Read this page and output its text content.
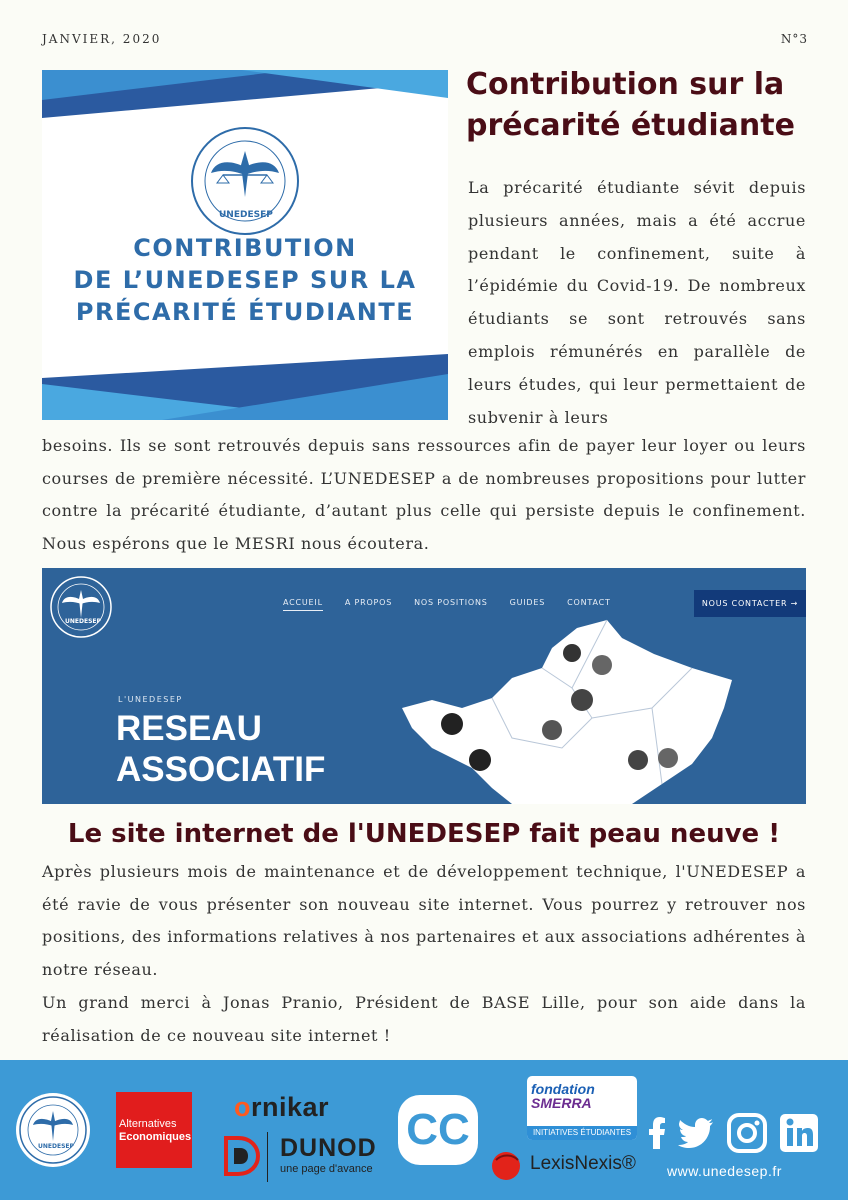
JANVIER, 2020	N°3
UNEDESEP
CONTRIBUTION
DE L’UNEDESEP SUR LA
PRÉCARITÉ ÉTUDIANTE
Contribution sur la précarité étudiante
La précarité étudiante sévit depuis plusieurs années, mais a été accrue pendant le confinement, suite à l’épidémie du Covid-19. De nombreux étudiants se sont retrouvés sans emplois rémunérés en parallèle de leurs études, qui leur permettaient de subvenir à leurs
besoins. Ils se sont retrouvés depuis sans ressources afin de payer leur loyer ou leurs courses de première nécessité. L’UNEDESEP a de nombreuses propositions pour lutter contre la précarité étudiante, d’autant plus celle qui persiste depuis le confinement. Nous espérons que le MESRI nous écoutera.
UNEDESEP
ACCUEIL	A PROPOS	NOS POSITIONS	GUIDES	CONTACT	NOUS CONTACTER →
L'UNEDESEP
RESEAU
ASSOCIATIF
Le site internet de l'UNEDESEP fait peau neuve !
Après plusieurs mois de maintenance et de développement technique, l'UNEDESEP a été ravie de vous présenter son nouveau site internet. Vous pourrez y retrouver nos positions, des informations relatives à nos partenaires et aux associations adhérentes à notre réseau.
Un grand merci à Jonas Pranio, Président de BASE Lille, pour son aide dans la réalisation de ce nouveau site internet !
UNEDESEP
Alternatives
Economiques
ornikar
DUNOD
une page d'avance
CC
fondation
SMERRA
INITIATIVES ÉTUDIANTES
LexisNexis® www.unedesep.fr
